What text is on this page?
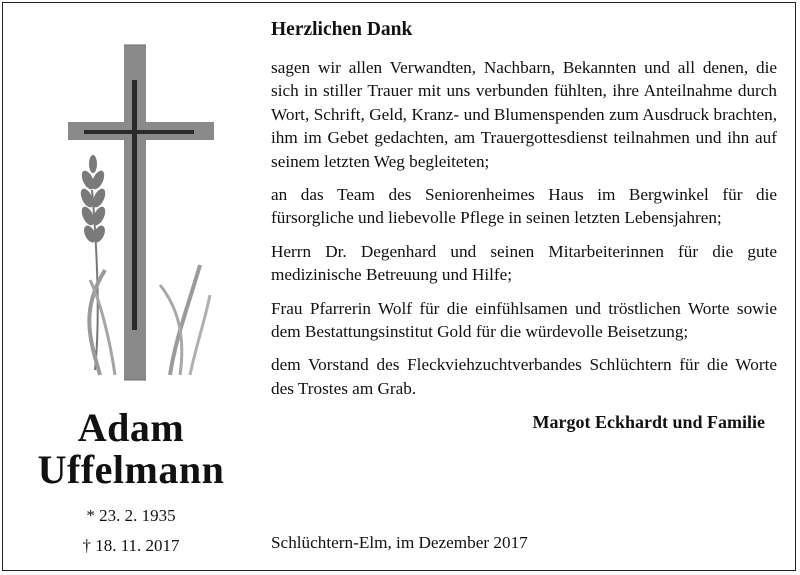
Adam
Uffelmann
* 23. 2. 1935
† 18. 11. 2017
Herzlichen Dank

sagen wir allen Verwandten, Nachbarn, Bekannten und all denen, die sich in stiller Trauer mit uns verbunden fühlten, ihre Anteilnahme durch Wort, Schrift, Geld, Kranz- und Blumenspenden zum Ausdruck brachten, ihm im Gebet gedachten, am Trauergottesdienst teilnahmen und ihn auf seinem letzten Weg begleiteten;

an das Team des Seniorenheimes Haus im Bergwinkel für die fürsorgliche und liebevolle Pflege in seinen letzten Lebensjahren;

Herrn Dr. Degenhard und seinen Mitarbeiterinnen für die gute medizinische Betreuung und Hilfe;

Frau Pfarrerin Wolf für die einfühlsamen und tröstlichen Worte sowie dem Bestattungsinstitut Gold für die würdevolle Beisetzung;

dem Vorstand des Fleckviehzuchtverbandes Schlüchtern für die Worte des Trostes am Grab.

Margot Eckhardt und Familie
Schlüchtern-Elm, im Dezember 2017
